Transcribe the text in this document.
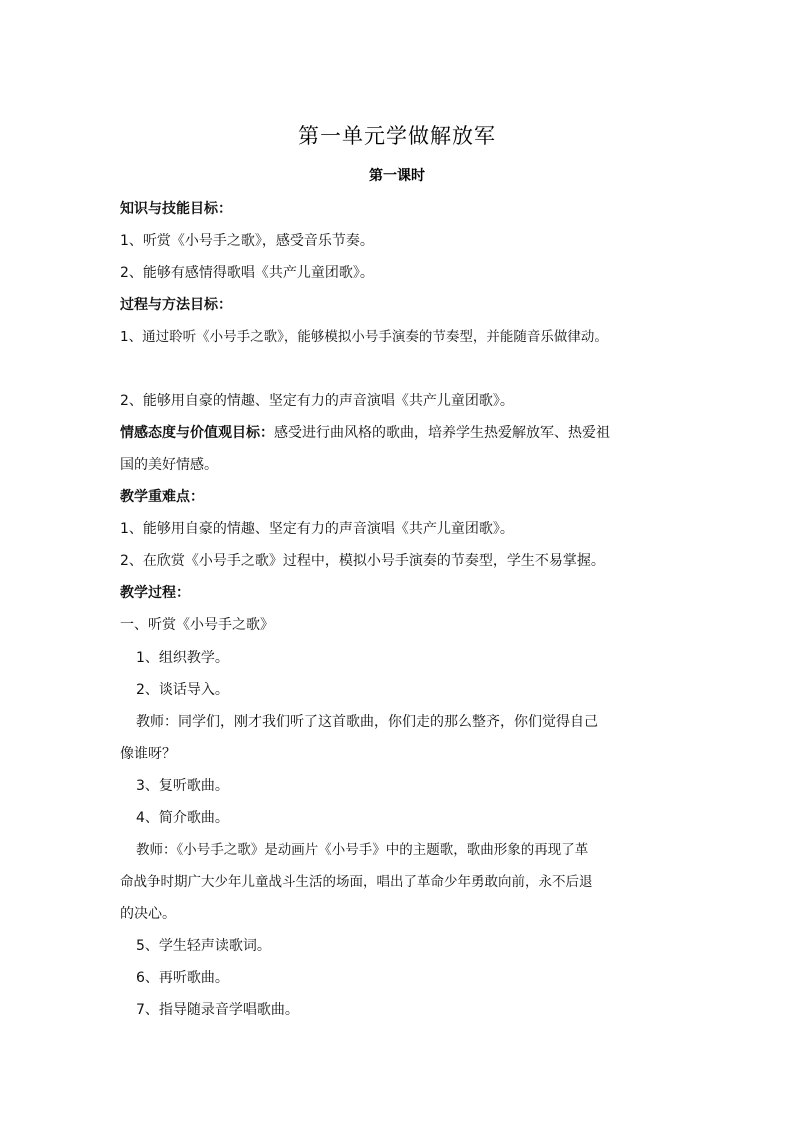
第一单元学做解放军
第一课时
知识与技能目标：
1、听赏《小号手之歌》，感受音乐节奏。
2、能够有感情得歌唱《共产儿童团歌》。
过程与方法目标：
1、通过聆听《小号手之歌》，能够模拟小号手演奏的节奏型，并能随音乐做律动。
2、能够用自豪的情趣、坚定有力的声音演唱《共产儿童团歌》。
情感态度与价值观目标：感受进行曲风格的歌曲，培养学生热爱解放军、热爱祖
国的美好情感。
教学重难点：
1、能够用自豪的情趣、坚定有力的声音演唱《共产儿童团歌》。
2、在欣赏《小号手之歌》过程中，模拟小号手演奏的节奏型，学生不易掌握。
教学过程：
一、听赏《小号手之歌》
1、组织教学。
2、谈话导入。
教师：同学们，刚才我们听了这首歌曲，你们走的那么整齐，你们觉得自己
像谁呀？
3、复听歌曲。
4、简介歌曲。
教师：《小号手之歌》是动画片《小号手》中的主题歌，歌曲形象的再现了革
命战争时期广大少年儿童战斗生活的场面，唱出了革命少年勇敢向前，永不后退
的决心。
5、学生轻声读歌词。
6、再听歌曲。
7、指导随录音学唱歌曲。
